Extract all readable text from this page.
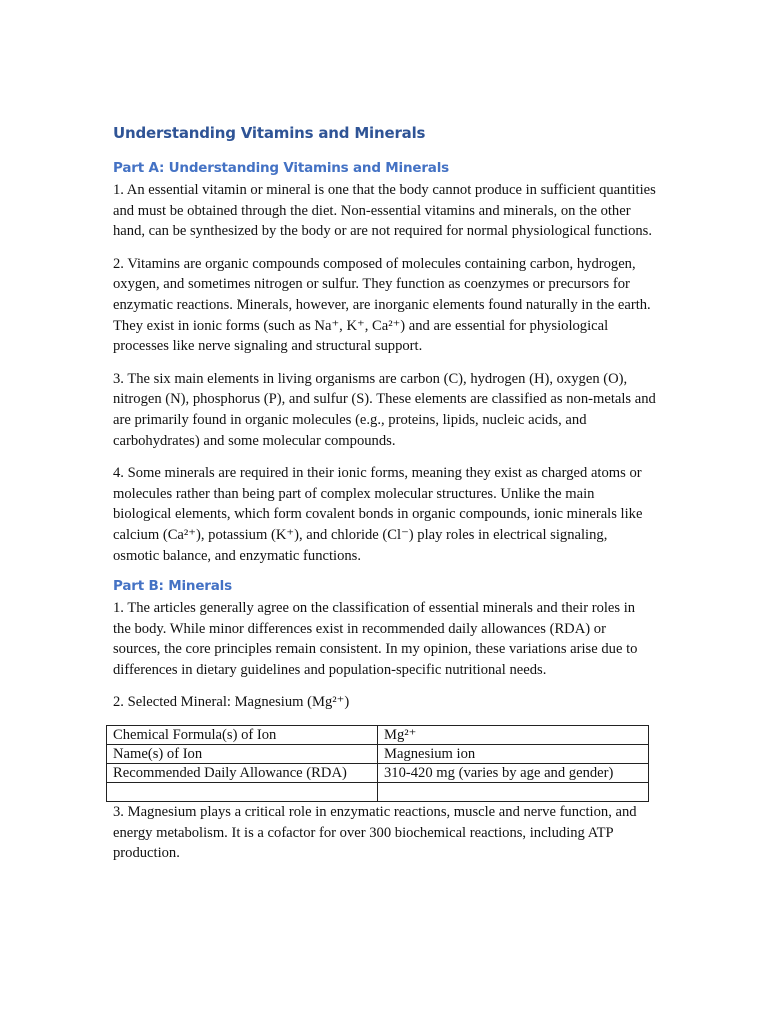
Understanding Vitamins and Minerals
Part A: Understanding Vitamins and Minerals

1. An essential vitamin or mineral is one that the body cannot produce in sufficient quantities and must be obtained through the diet. Non-essential vitamins and minerals, on the other hand, can be synthesized by the body or are not required for normal physiological functions.

2. Vitamins are organic compounds composed of molecules containing carbon, hydrogen, oxygen, and sometimes nitrogen or sulfur. They function as coenzymes or precursors for enzymatic reactions. Minerals, however, are inorganic elements found naturally in the earth. They exist in ionic forms (such as Na⁺, K⁺, Ca²⁺) and are essential for physiological processes like nerve signaling and structural support.

3. The six main elements in living organisms are carbon (C), hydrogen (H), oxygen (O), nitrogen (N), phosphorus (P), and sulfur (S). These elements are classified as non-metals and are primarily found in organic molecules (e.g., proteins, lipids, nucleic acids, and carbohydrates) and some molecular compounds.

4. Some minerals are required in their ionic forms, meaning they exist as charged atoms or molecules rather than being part of complex molecular structures. Unlike the main biological elements, which form covalent bonds in organic compounds, ionic minerals like calcium (Ca²⁺), potassium (K⁺), and chloride (Cl⁻) play roles in electrical signaling, osmotic balance, and enzymatic functions.

Part B: Minerals

1. The articles generally agree on the classification of essential minerals and their roles in the body. While minor differences exist in recommended daily allowances (RDA) or sources, the core principles remain consistent. In my opinion, these variations arise due to differences in dietary guidelines and population-specific nutritional needs.

2. Selected Mineral: Magnesium (Mg²⁺)

Chemical Formula(s) of Ion	Mg²⁺
Name(s) of Ion	Magnesium ion
Recommended Daily Allowance (RDA)	310-420 mg (varies by age and gender)

3. Magnesium plays a critical role in enzymatic reactions, muscle and nerve function, and energy metabolism. It is a cofactor for over 300 biochemical reactions, including ATP production.
